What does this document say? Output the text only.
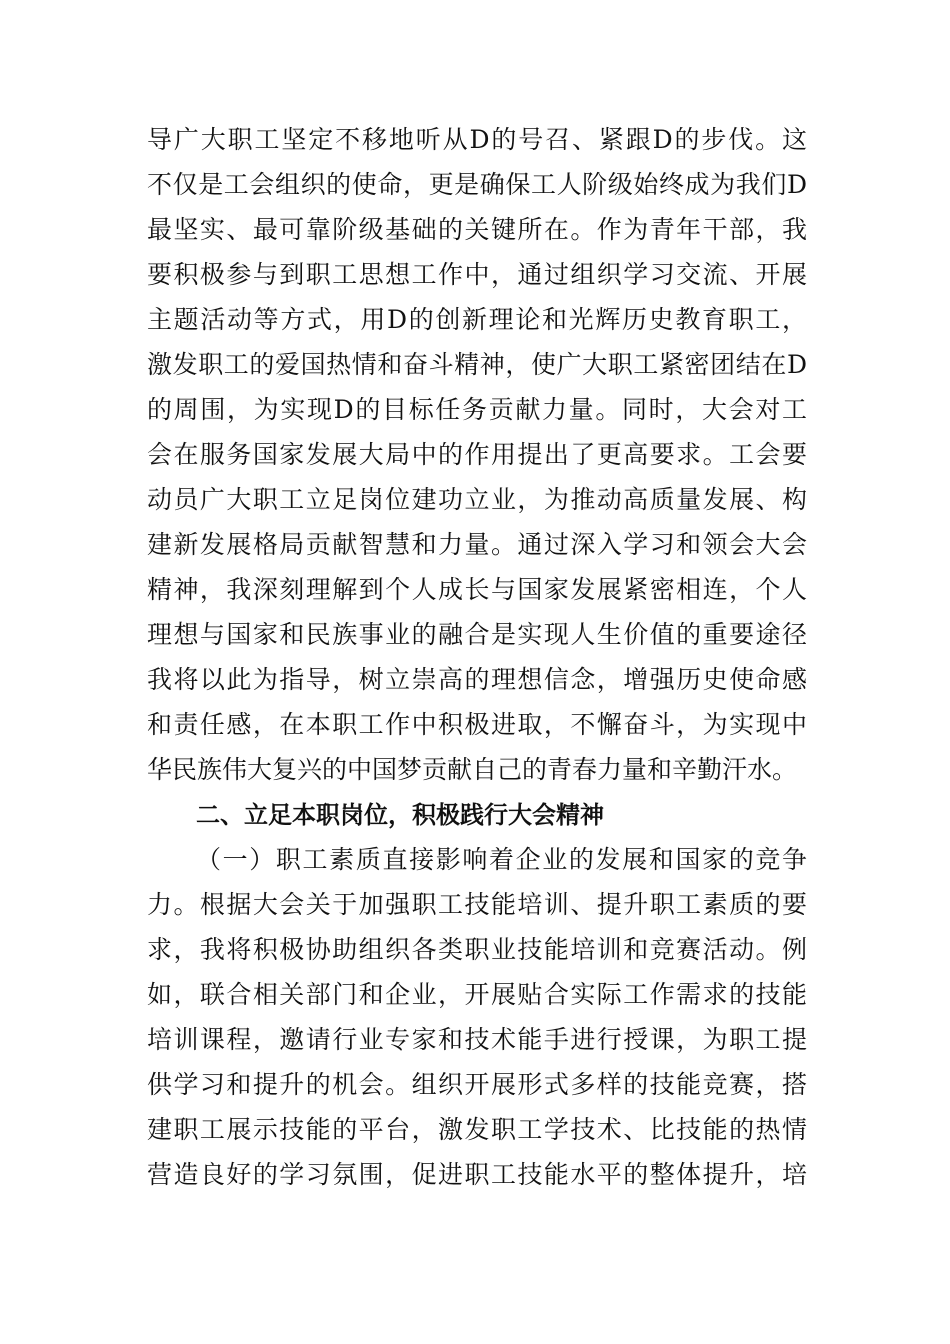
导广大职工坚定不移地听从D的号召、紧跟D的步伐。这
不仅是工会组织的使命，更是确保工人阶级始终成为我们D
最坚实、最可靠阶级基础的关键所在。作为青年干部，我
要积极参与到职工思想工作中，通过组织学习交流、开展
主题活动等方式，用D的创新理论和光辉历史教育职工，
激发职工的爱国热情和奋斗精神，使广大职工紧密团结在D
的周围，为实现D的目标任务贡献力量。同时，大会对工
会在服务国家发展大局中的作用提出了更高要求。工会要
动员广大职工立足岗位建功立业，为推动高质量发展、构
建新发展格局贡献智慧和力量。通过深入学习和领会大会
精神，我深刻理解到个人成长与国家发展紧密相连，个人
理想与国家和民族事业的融合是实现人生价值的重要途径
我将以此为指导，树立崇高的理想信念，增强历史使命感
和责任感，在本职工作中积极进取，不懈奋斗，为实现中
华民族伟大复兴的中国梦贡献自己的青春力量和辛勤汗水。
二、立足本职岗位，积极践行大会精神
（一）职工素质直接影响着企业的发展和国家的竞争
力。根据大会关于加强职工技能培训、提升职工素质的要
求，我将积极协助组织各类职业技能培训和竞赛活动。例
如，联合相关部门和企业，开展贴合实际工作需求的技能
培训课程，邀请行业专家和技术能手进行授课，为职工提
供学习和提升的机会。组织开展形式多样的技能竞赛，搭
建职工展示技能的平台，激发职工学技术、比技能的热情
营造良好的学习氛围，促进职工技能水平的整体提升，培
